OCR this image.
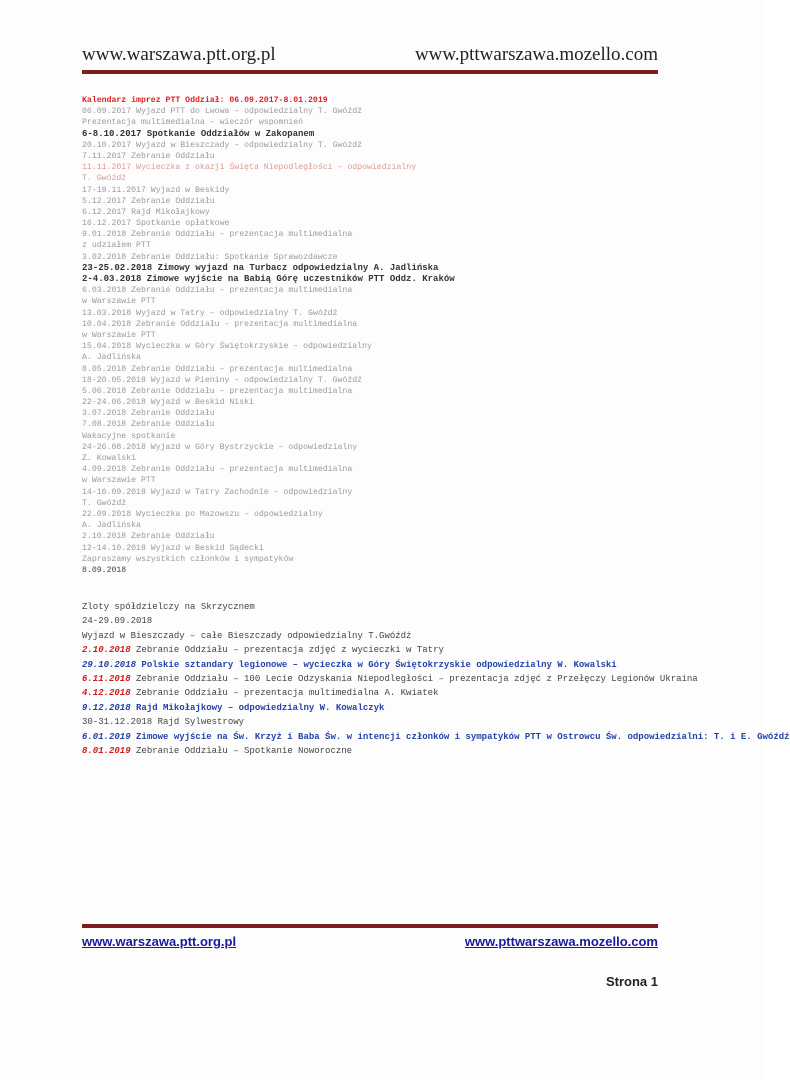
www.warszawa.ptt.org.pl	www.pttwarszawa.mozello.com
Kalendarz imprez PTT Oddział: 06.09.2017-8.01.2019
06.09.2017 Wyjazd PTT do Lwowa – odpowiedzialny T. Gwóźdź
Prezentacja multimedialna – wieczór wspomnień
6-8.10.2017 Spotkanie Oddziałów w Zakopanem
20.10.2017 Wyjazd w Bieszczady – odpowiedzialny T. Gwóźdź
7.11.2017 Zebranie Oddziału
11.11.2017 Wycieczka z okazji Święta Niepodległości – odpowiedzialny
T. Gwóźdź
17-19.11.2017 Wyjazd w Beskidy
5.12.2017 Zebranie Oddziału
6.12.2017 Rajd Mikołajkowy
16.12.2017 Spotkanie opłatkowe
9.01.2018 Zebranie Oddziału – prezentacja multimedialna
z udziałem PTT
3.02.2018 Zebranie Oddziału: Spotkanie Sprawozdawcze
23-25.02.2018 Zimowy wyjazd na Turbacz odpowiedzialny A. Jadlińska
2-4.03.2018 Zimowe wyjście na Babią Górę uczestników PTT Oddz. Kraków
6.03.2018 Zebranie Oddziału – prezentacja multimedialna
w Warszawie PTT
13.03.2018 Wyjazd w Tatry – odpowiedzialny T. Gwóźdź
10.04.2018 Zebranie Oddziału – prezentacja multimedialna
w Warszawie PTT
15.04.2018 Wycieczka w Góry Świętokrzyskie – odpowiedzialny
A. Jadlińska
8.05.2018 Zebranie Oddziału – prezentacja multimedialna
18-20.05.2018 Wyjazd w Pieniny – odpowiedzialny T. Gwóźdź
5.06.2018 Zebranie Oddziału – prezentacja multimedialna
22-24.06.2018 Wyjazd w Beskid Niski
3.07.2018 Zebranie Oddziału
7.08.2018 Zebranie Oddziału
Wakacyjne spotkanie
24-26.08.2018 Wyjazd w Góry Bystrzyckie – odpowiedzialny
Z. Kowalski
4.09.2018 Zebranie Oddziału – prezentacja multimedialna
w Warszawie PTT
14-16.09.2018 Wyjazd w Tatry Zachodnie – odpowiedzialny
T. Gwóźdź
22.09.2018 Wycieczka po Mazowszu – odpowiedzialny
A. Jadlińska
2.10.2018 Zebranie Oddziału
12-14.10.2018 Wyjazd w Beskid Sądecki
Zapraszamy wszystkich członków i sympatyków
8.09.2018
Zloty spółdzielczy na Skrzycznem
24-29.09.2018
Wyjazd w Bieszczady – całe Bieszczady odpowiedzialny T.Gwóźdź
2.10.2018 Zebranie Oddziału – prezentacja zdjęć z wycieczki w Tatry
29.10.2018 Polskie sztandary legionowe – wycieczka w Góry Świętokrzyskie odpowiedzialny W. Kowalski
6.11.2018 Zebranie Oddziału – 100 Lecie Odzyskania Niepodległości – prezentacja zdjęć z Przełęczy Legionów Ukraina
4.12.2018 Zebranie Oddziału – prezentacja multimedialna A. Kwiatek
9.12.2018 Rajd Mikołajkowy – odpowiedzialny W. Kowalczyk
30-31.12.2018 Rajd Sylwestrowy
6.01.2019 Zimowe wyjście na Św. Krzyż i Baba Św. w intencji członków i sympatyków PTT w Ostrowcu Św. odpowiedzialni: T. i E. Gwóźdź
8.01.2019 Zebranie Oddziału – Spotkanie Noworoczne
www.warszawa.ptt.org.pl	www.pttwarszawa.mozello.com
Strona 1
